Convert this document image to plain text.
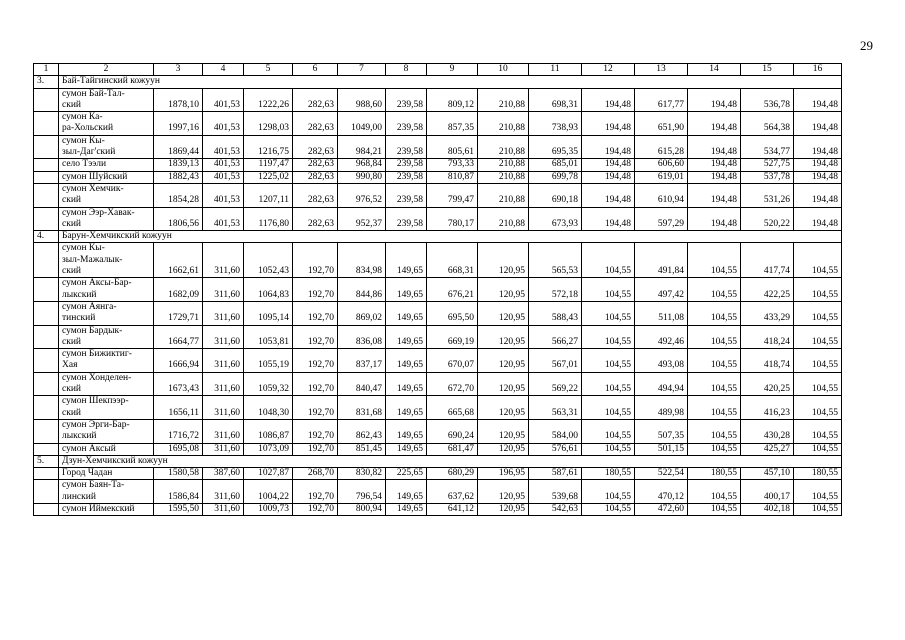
29
1	2	3	4	5	6	7	8	9	10	11	12	13	14	15	16
3.	Бай-Тайгинский кожуун														

	сумон Бай-Тал-
ский	1878,10	401,53	1222,26	282,63	988,60	239,58	809,12	210,88	698,31	194,48	617,77	194,48	536,78	194,48

	сумон Ка-
ра-Хольский	1997,16	401,53	1298,03	282,63	1049,00	239,58	857,35	210,88	738,93	194,48	651,90	194,48	564,38	194,48

	сумон Кы-
зыл-Даг'ский	1869,44	401,53	1216,75	282,63	984,21	239,58	805,61	210,88	695,35	194,48	615,28	194,48	534,77	194,48

	село Тээли	1839,13	401,53	1197,47	282,63	968,84	239,58	793,33	210,88	685,01	194,48	606,60	194,48	527,75	194,48

	сумон Шуйский	1882,43	401,53	1225,02	282,63	990,80	239,58	810,87	210,88	699,78	194,48	619,01	194,48	537,78	194,48

	сумон Хемчик-
ский	1854,28	401,53	1207,11	282,63	976,52	239,58	799,47	210,88	690,18	194,48	610,94	194,48	531,26	194,48

	сумон Ээр-Хавак-
ский	1806,56	401,53	1176,80	282,63	952,37	239,58	780,17	210,88	673,93	194,48	597,29	194,48	520,22	194,48
4.	Барун-Хемчикский кожуун														

	сумон Кы-
зыл-Мажалык-
ский	1662,61	311,60	1052,43	192,70	834,98	149,65	668,31	120,95	565,53	104,55	491,84	104,55	417,74	104,55

	сумон Аксы-Бар-
лыкский	1682,09	311,60	1064,83	192,70	844,86	149,65	676,21	120,95	572,18	104,55	497,42	104,55	422,25	104,55

	сумон Аянга-
тинский	1729,71	311,60	1095,14	192,70	869,02	149,65	695,50	120,95	588,43	104,55	511,08	104,55	433,29	104,55

	сумон Бардык-
ский	1664,77	311,60	1053,81	192,70	836,08	149,65	669,19	120,95	566,27	104,55	492,46	104,55	418,24	104,55

	сумон Бижиктиг-
Хая	1666,94	311,60	1055,19	192,70	837,17	149,65	670,07	120,95	567,01	104,55	493,08	104,55	418,74	104,55

	сумон Хонделен-
ский	1673,43	311,60	1059,32	192,70	840,47	149,65	672,70	120,95	569,22	104,55	494,94	104,55	420,25	104,55

	сумон Шекпээр-
ский	1656,11	311,60	1048,30	192,70	831,68	149,65	665,68	120,95	563,31	104,55	489,98	104,55	416,23	104,55

	сумон Эрги-Бар-
лыкский	1716,72	311,60	1086,87	192,70	862,43	149,65	690,24	120,95	584,00	104,55	507,35	104,55	430,28	104,55

	сумон Аксый	1695,08	311,60	1073,09	192,70	851,45	149,65	681,47	120,95	576,61	104,55	501,15	104,55	425,27	104,55
5.	Дзун-Хемчикский кожуун														

	Город Чадан	1580,58	387,60	1027,87	268,70	830,82	225,65	680,29	196,95	587,61	180,55	522,54	180,55	457,10	180,55

	сумон Баян-Та-
линский	1586,84	311,60	1004,22	192,70	796,54	149,65	637,62	120,95	539,68	104,55	470,12	104,55	400,17	104,55

	сумон Иймекский	1595,50	311,60	1009,73	192,70	800,94	149,65	641,12	120,95	542,63	104,55	472,60	104,55	402,18	104,55
